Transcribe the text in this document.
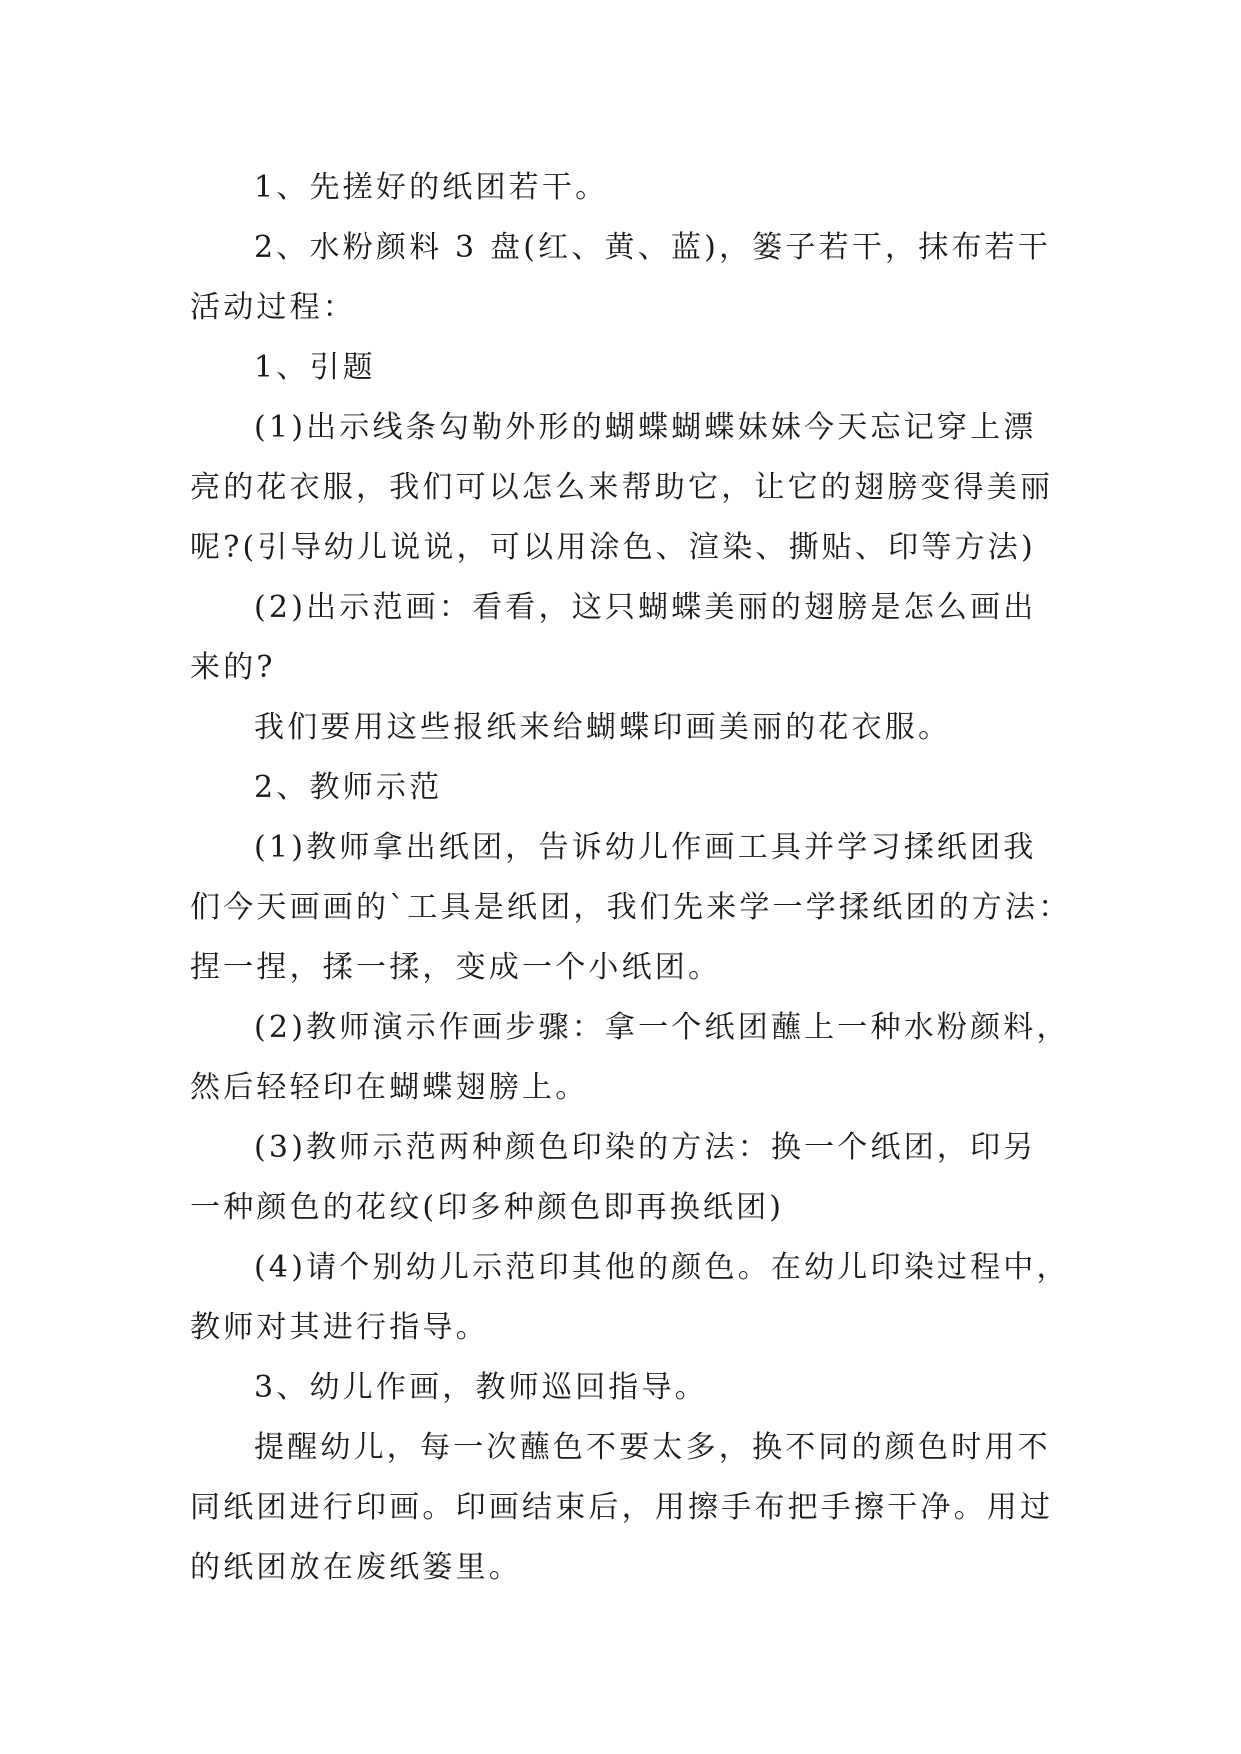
1、先搓好的纸团若干。

2、水粉颜料 3 盘(红、黄、蓝)，篓子若干，抹布若干

活动过程：

1、引题

(1)出示线条勾勒外形的蝴蝶蝴蝶妹妹今天忘记穿上漂

亮的花衣服，我们可以怎么来帮助它，让它的翅膀变得美丽

呢?(引导幼儿说说，可以用涂色、渲染、撕贴、印等方法)

(2)出示范画：看看，这只蝴蝶美丽的翅膀是怎么画出

来的?

我们要用这些报纸来给蝴蝶印画美丽的花衣服。

2、教师示范

(1)教师拿出纸团，告诉幼儿作画工具并学习揉纸团我

们今天画画的`工具是纸团，我们先来学一学揉纸团的方法：

捏一捏，揉一揉，变成一个小纸团。

(2)教师演示作画步骤：拿一个纸团蘸上一种水粉颜料，

然后轻轻印在蝴蝶翅膀上。

(3)教师示范两种颜色印染的方法：换一个纸团，印另

一种颜色的花纹(印多种颜色即再换纸团)

(4)请个别幼儿示范印其他的颜色。在幼儿印染过程中，

教师对其进行指导。

3、幼儿作画，教师巡回指导。

提醒幼儿，每一次蘸色不要太多，换不同的颜色时用不

同纸团进行印画。印画结束后，用擦手布把手擦干净。用过

的纸团放在废纸篓里。
